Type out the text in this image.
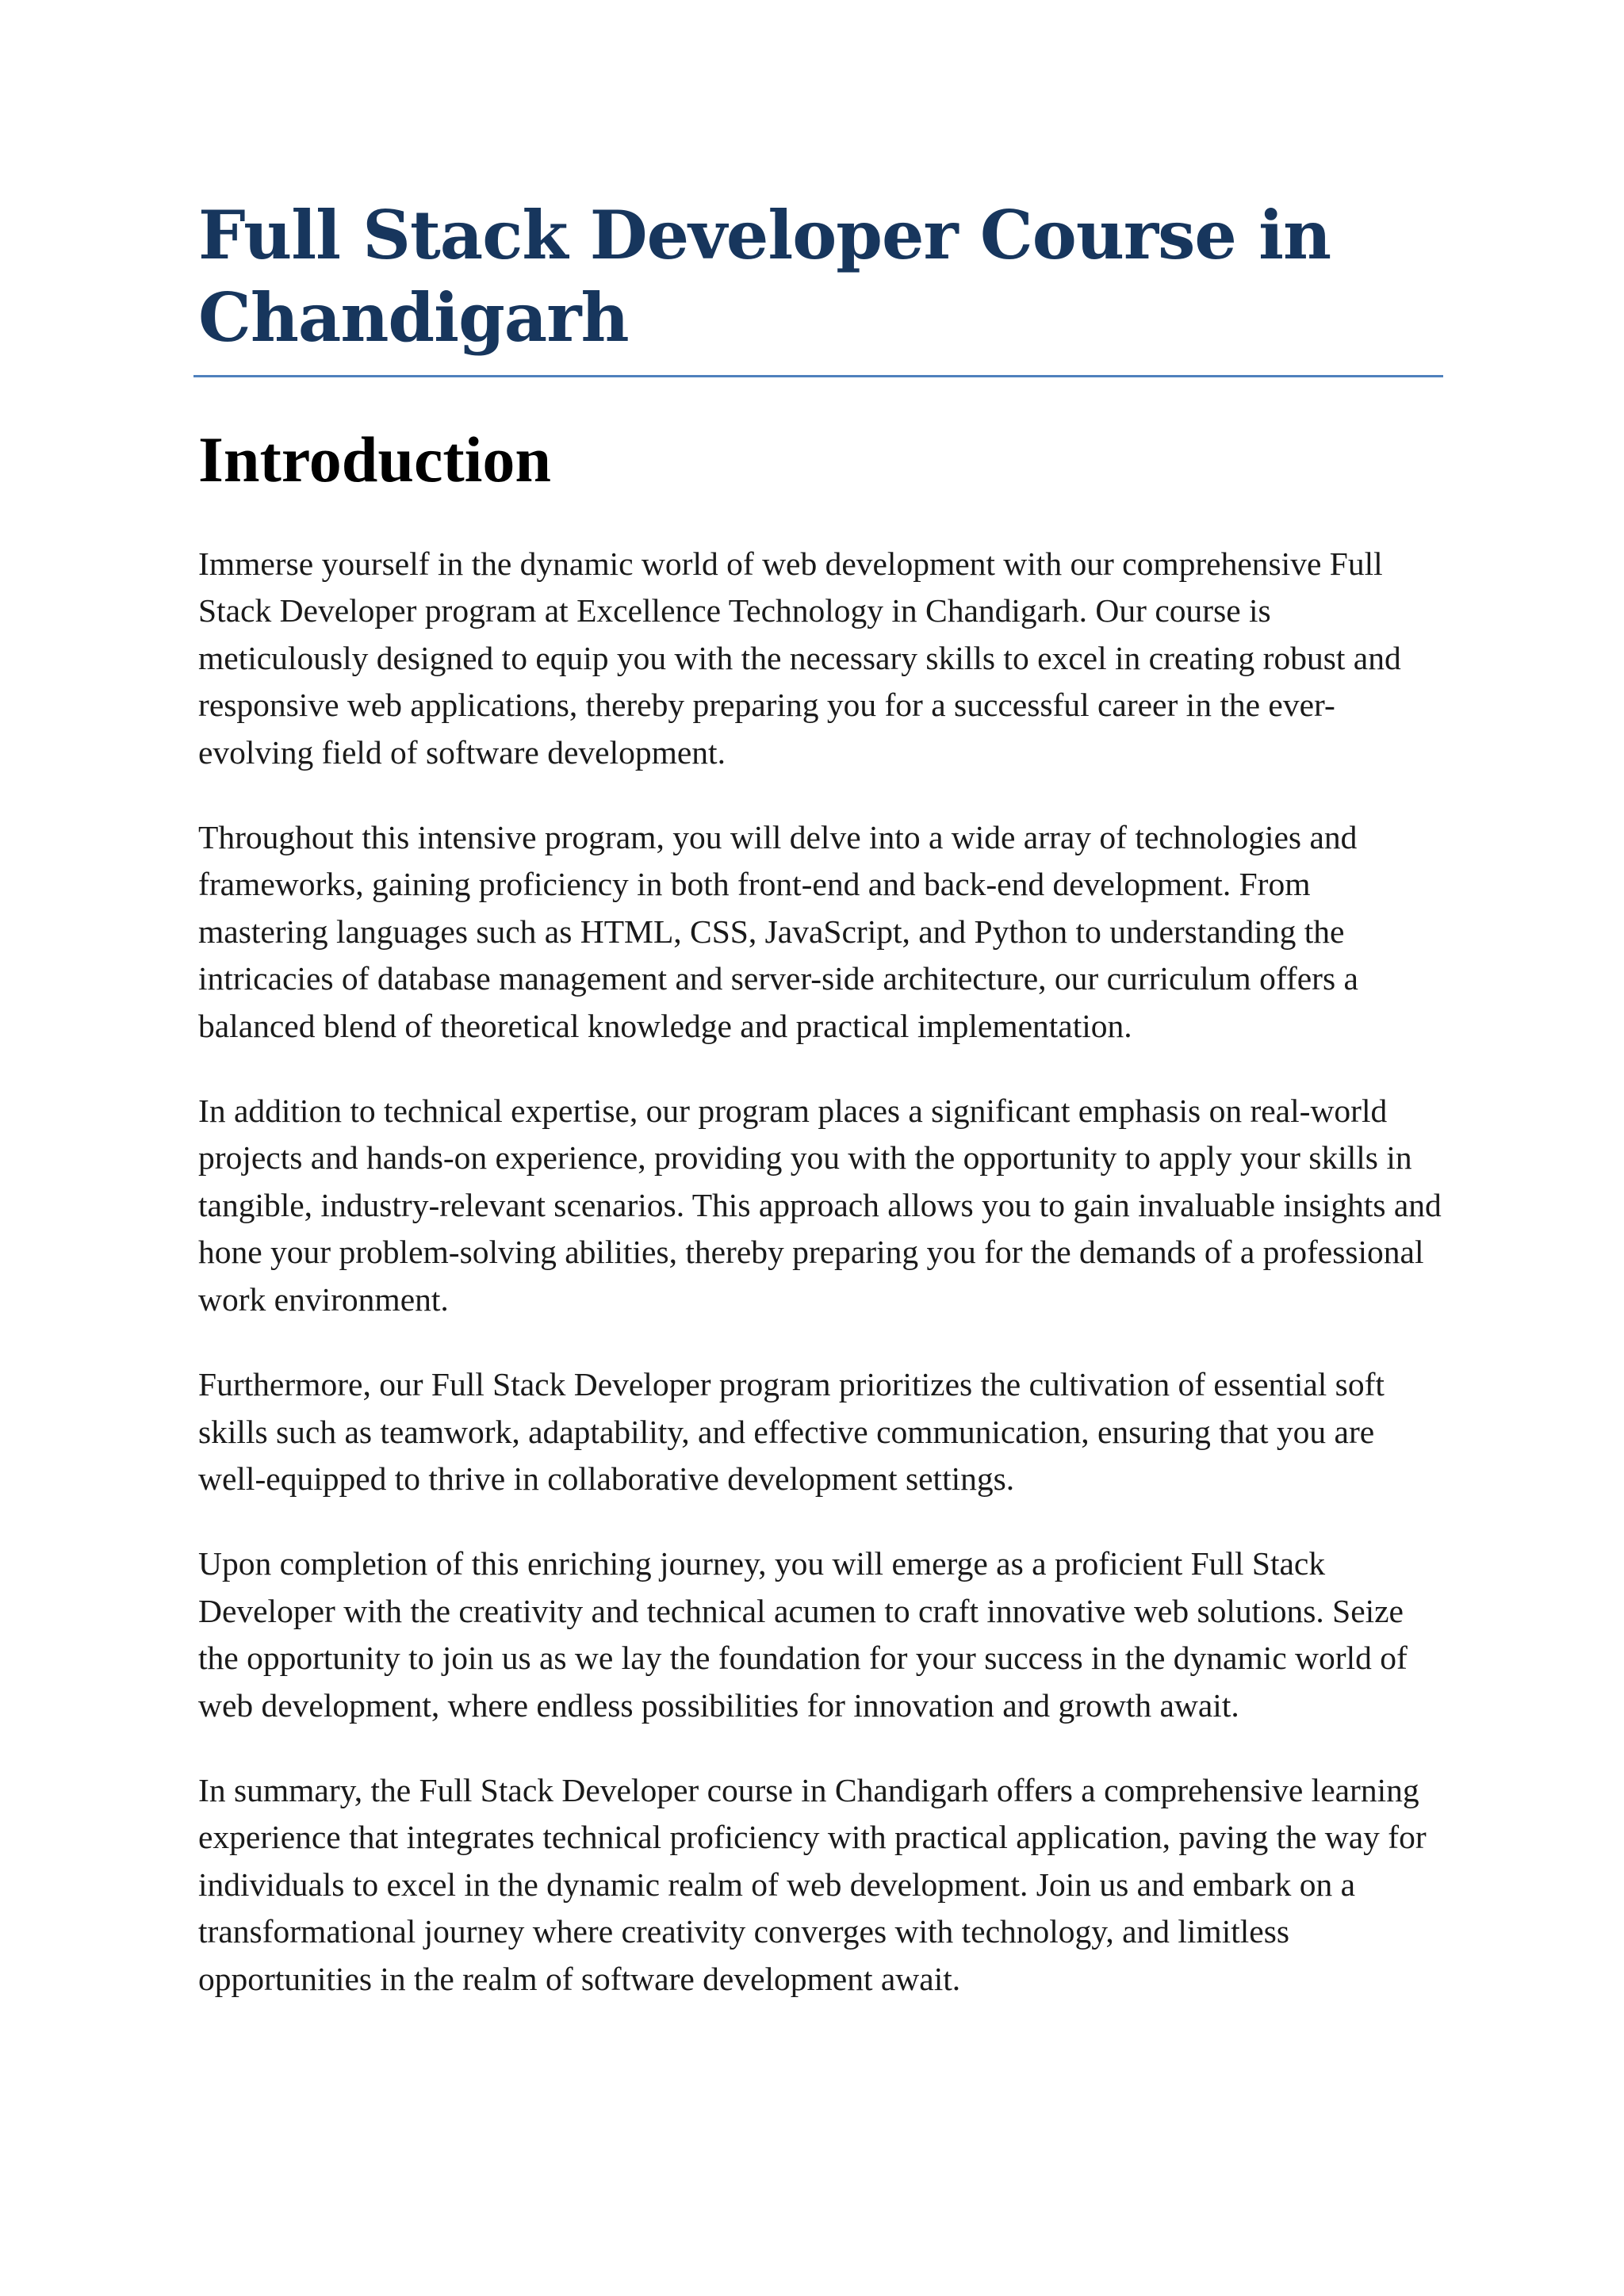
Full Stack Developer Course in Chandigarh
Introduction

Immerse yourself in the dynamic world of web development with our comprehensive Full Stack Developer program at Excellence Technology in Chandigarh. Our course is meticulously designed to equip you with the necessary skills to excel in creating robust and responsive web applications, thereby preparing you for a successful career in the ever-evolving field of software development.

Throughout this intensive program, you will delve into a wide array of technologies and frameworks, gaining proficiency in both front-end and back-end development. From mastering languages such as HTML, CSS, JavaScript, and Python to understanding the intricacies of database management and server-side architecture, our curriculum offers a balanced blend of theoretical knowledge and practical implementation.

In addition to technical expertise, our program places a significant emphasis on real-world projects and hands-on experience, providing you with the opportunity to apply your skills in tangible, industry-relevant scenarios. This approach allows you to gain invaluable insights and hone your problem-solving abilities, thereby preparing you for the demands of a professional work environment.

Furthermore, our Full Stack Developer program prioritizes the cultivation of essential soft skills such as teamwork, adaptability, and effective communication, ensuring that you are well-equipped to thrive in collaborative development settings.

Upon completion of this enriching journey, you will emerge as a proficient Full Stack Developer with the creativity and technical acumen to craft innovative web solutions. Seize the opportunity to join us as we lay the foundation for your success in the dynamic world of web development, where endless possibilities for innovation and growth await.

In summary, the Full Stack Developer course in Chandigarh offers a comprehensive learning experience that integrates technical proficiency with practical application, paving the way for individuals to excel in the dynamic realm of web development. Join us and embark on a transformational journey where creativity converges with technology, and limitless opportunities in the realm of software development await.
